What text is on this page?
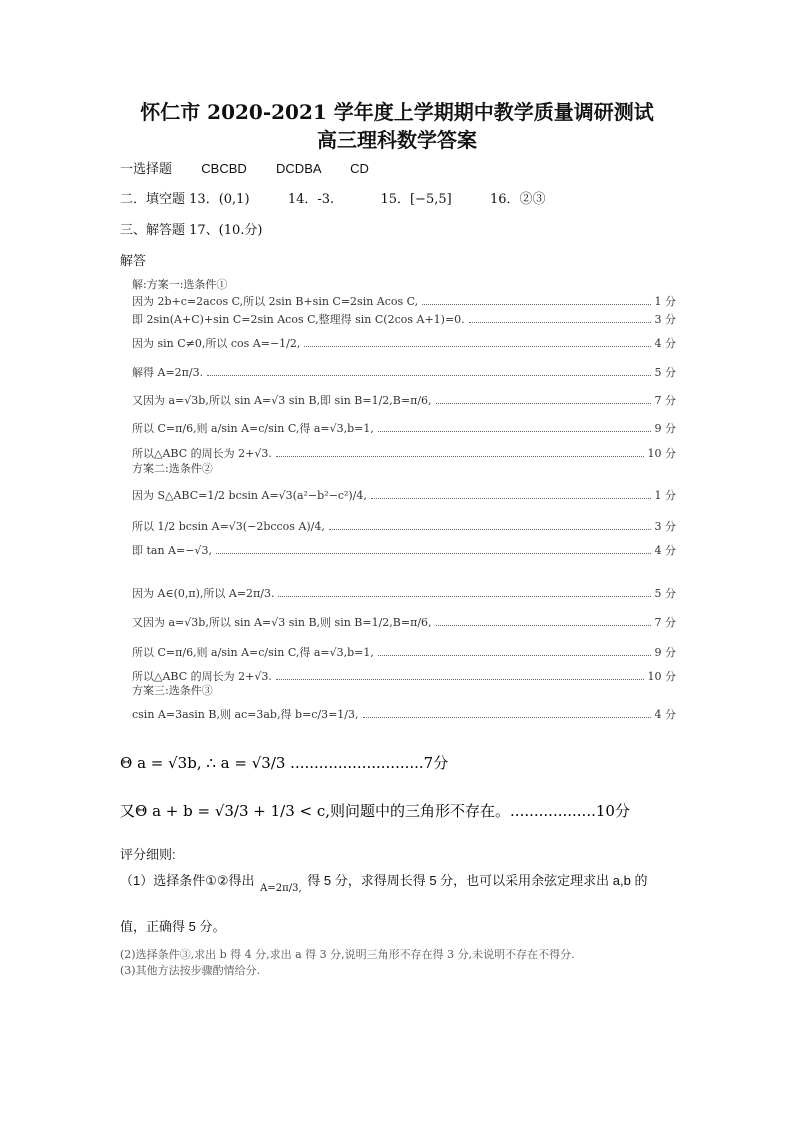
怀仁市 2020-2021 学年度上学期期中教学质量调研测试
高三理科数学答案
一选择题 CBCBD DCDBA CD
二．填空题 13．(0,1)	14．-3.	15．[−5,5]	16．②③
三、解答题 17、(10.分)
解答
解:方案一:选条件①
因为 2b+c=2acos C,所以 2sin B+sin C=2sin Acos C,	1 分
即 2sin(A+C)+sin C=2sin Acos C,整理得 sin C(2cos A+1)=0.	3 分
因为 sin C≠0,所以 cos A=−1/2,	4 分
解得 A=2π/3.	5 分
又因为 a=√3b,所以 sin A=√3 sin B,即 sin B=1/2,B=π/6,	7 分
所以 C=π/6,则 a/sin A=c/sin C,得 a=√3,b=1,	9 分
所以△ABC 的周长为 2+√3.	10 分
方案二:选条件②
因为 S△ABC=1/2 bcsin A=√3(a²−b²−c²)/4,	1 分
所以 1/2 bcsin A=√3(−2bccos A)/4,	3 分
即 tan A=−√3,	4 分
因为 A∈(0,π),所以 A=2π/3.	5 分
又因为 a=√3b,所以 sin A=√3 sin B,则 sin B=1/2,B=π/6,	7 分
所以 C=π/6,则 a/sin A=c/sin C,得 a=√3,b=1,	9 分
所以△ABC 的周长为 2+√3.	10 分
方案三:选条件③
csin A=3asin B,则 ac=3ab,得 b=c/3=1/3,	4 分
Θ a = √3b, ∴ a = √3/3 ............................7分
又Θ a + b = √3/3 + 1/3 < c,则问题中的三角形不存在。..................10分
评分细则:
（1）选择条件①②得出 A=2π/3, 得 5 分，求得周长得 5 分，也可以采用余弦定理求出 a,b 的
值，正确得 5 分。
(2)选择条件③,求出 b 得 4 分,求出 a 得 3 分,说明三角形不存在得 3 分,未说明不存在不得分.
(3)其他方法按步骤酌情给分.
